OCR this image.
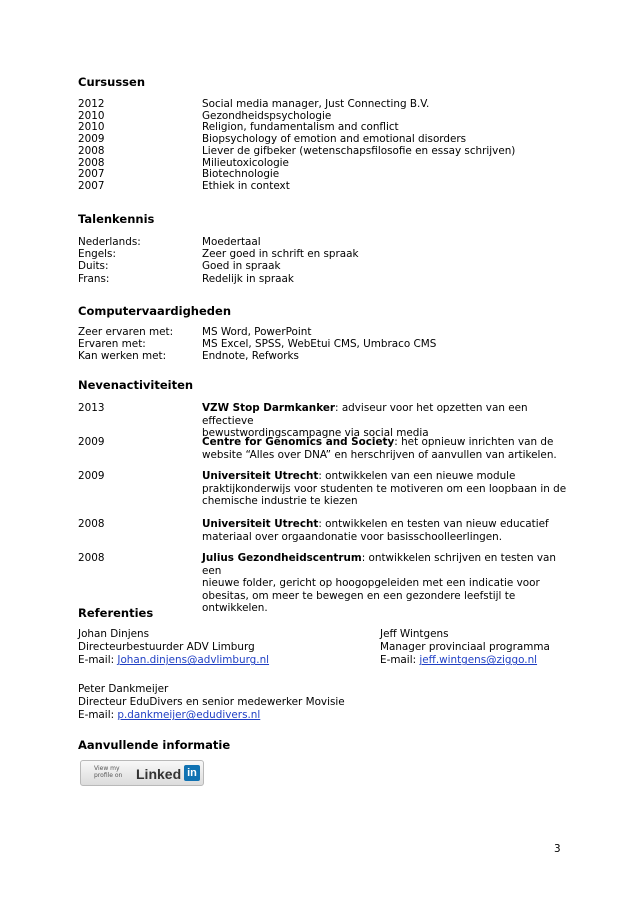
Cursussen
2012	Social media manager, Just Connecting B.V.
2010	Gezondheidspsychologie
2010	Religion, fundamentalism and conflict
2009	Biopsychology of emotion and emotional disorders
2008	Liever de gifbeker (wetenschapsfilosofie en essay schrijven)
2008	Milieutoxicologie
2007	Biotechnologie
2007	Ethiek in context
Talenkennis
Nederlands:	Moedertaal
Engels:	Zeer goed in schrift en spraak
Duits:	Goed in spraak
Frans:	Redelijk in spraak
Computervaardigheden
Zeer ervaren met:	MS Word, PowerPoint
Ervaren met:	MS Excel, SPSS, WebEtui CMS, Umbraco CMS
Kan werken met:	Endnote, Refworks
Nevenactiviteiten
2013	VZW Stop Darmkanker: adviseur voor het opzetten van een effectieve
bewustwordingscampagne via social media
2009	Centre for Genomics and Society: het opnieuw inrichten van de
website “Alles over DNA” en herschrijven of aanvullen van artikelen.
2009	Universiteit Utrecht: ontwikkelen van een nieuwe module
praktijkonderwijs voor studenten te motiveren om een loopbaan in de
chemische industrie te kiezen
2008	Universiteit Utrecht: ontwikkelen en testen van nieuw educatief
materiaal over orgaandonatie voor basisschoolleerlingen.
2008	Julius Gezondheidscentrum: ontwikkelen schrijven en testen van een
nieuwe folder, gericht op hoogopgeleiden met een indicatie voor
obesitas, om meer te bewegen en een gezondere leefstijl te ontwikkelen.
Referenties
Johan Dinjens
Directeurbestuurder ADV Limburg
E-mail: Johan.dinjens@advlimburg.nl
Jeff Wintgens
Manager provinciaal programma
E-mail: jeff.wintgens@ziggo.nl
Peter Dankmeijer
Directeur EduDivers en senior medewerker Movisie
E-mail: p.dankmeijer@edudivers.nl
Aanvullende informatie
View my
profile on Linked in
3
